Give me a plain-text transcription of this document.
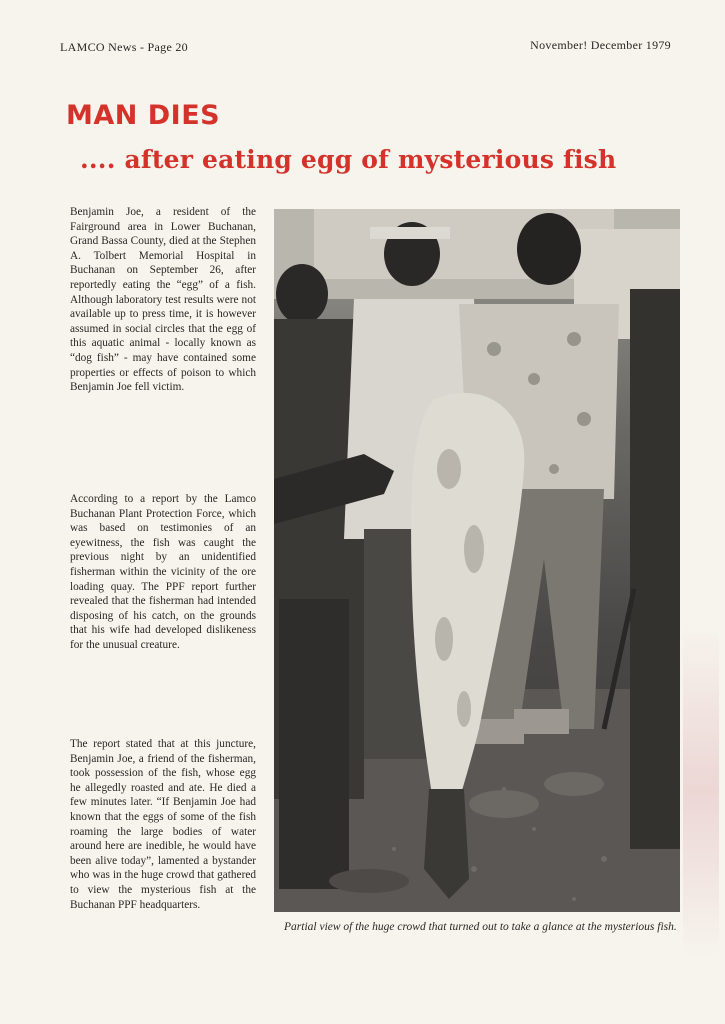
LAMCO News - Page 20	November! December 1979
MAN DIES
.... after eating egg of mysterious fish

Benjamin Joe, a resident of the Fairground area in Lower Buchanan, Grand Bassa County, died at the Stephen A. Tolbert Memorial Hospital in Buchanan on September 26, after reportedly eating the “egg” of a fish. Although laboratory test results were not available up to press time, it is however assumed in social circles that the egg of this aquatic animal - locally known as “dog fish” - may have contained some properties or effects of poison to which Benjamin Joe fell victim.

According to a report by the Lamco Buchanan Plant Protection Force, which was based on testimonies of an eyewitness, the fish was caught the previous night by an unidentified fisherman within the vicinity of the ore loading quay. The PPF report further revealed that the fisherman had intended disposing of his catch, on the grounds that his wife had developed dislikeness for the unusual creature.

The report stated that at this juncture, Benjamin Joe, a friend of the fisherman, took possession of the fish, whose egg he allegedly roasted and ate. He died a few minutes later. “If Benjamin Joe had known that the eggs of some of the fish roaming the large bodies of water around here are inedible, he would have been alive today”, lamented a bystander who was in the huge crowd that gathered to view the mysterious fish at the Buchanan PPF headquarters.

Partial view of the huge crowd that turned out to take a glance at the mysterious fish.
